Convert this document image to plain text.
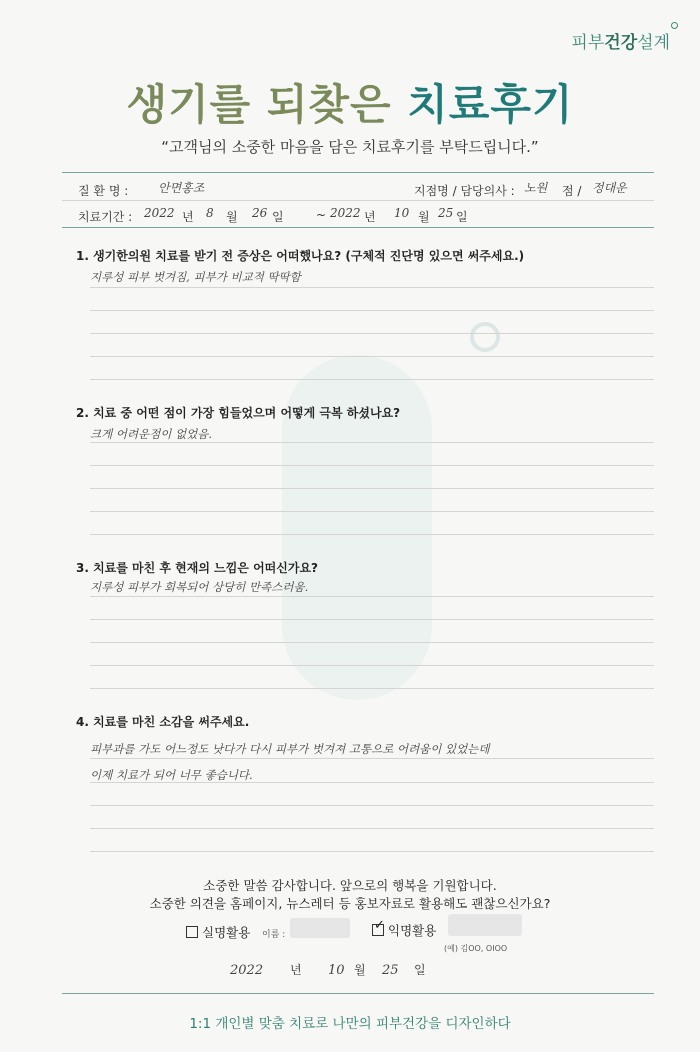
피부건강설계
생기를 되찾은 치료후기
“고객님의 소중한 마음을 담은 치료후기를 부탁드립니다.”
질 환 명 : 안면홍조	지점명 / 담당의사 : 노원 점 / 정대운
치료기간 : 2022 년 8 월 26 일	~ 2022 년 10 월 25 일
1. 생기한의원 치료를 받기 전 증상은 어떠했나요? (구체적 진단명 있으면 써주세요.)
지루성 피부 벗겨짐, 피부가 비교적 딱딱함
2. 치료 중 어떤 점이 가장 힘들었으며 어떻게 극복 하셨나요?
크게 어려운점이 없었음.
3. 치료를 마친 후 현재의 느낌은 어떠신가요?
지루성 피부가 회복되어 상당히 만족스러움.
4. 치료를 마친 소감을 써주세요.
피부과를 가도 어느정도 낫다가 다시 피부가 벗겨져 고통으로 어려움이 있었는데
이제 치료가 되어 너무 좋습니다.
소중한 말씀 감사합니다. 앞으로의 행복을 기원합니다.
소중한 의견을 홈페이지, 뉴스레터 등 홍보자료로 활용해도 괜찮으신가요?
실명활용 이름 :
✓ 익명활용
(예) 김OO, OIOO
2022 년 10 월 25 일
1:1 개인별 맞춤 치료로 나만의 피부건강을 디자인하다
